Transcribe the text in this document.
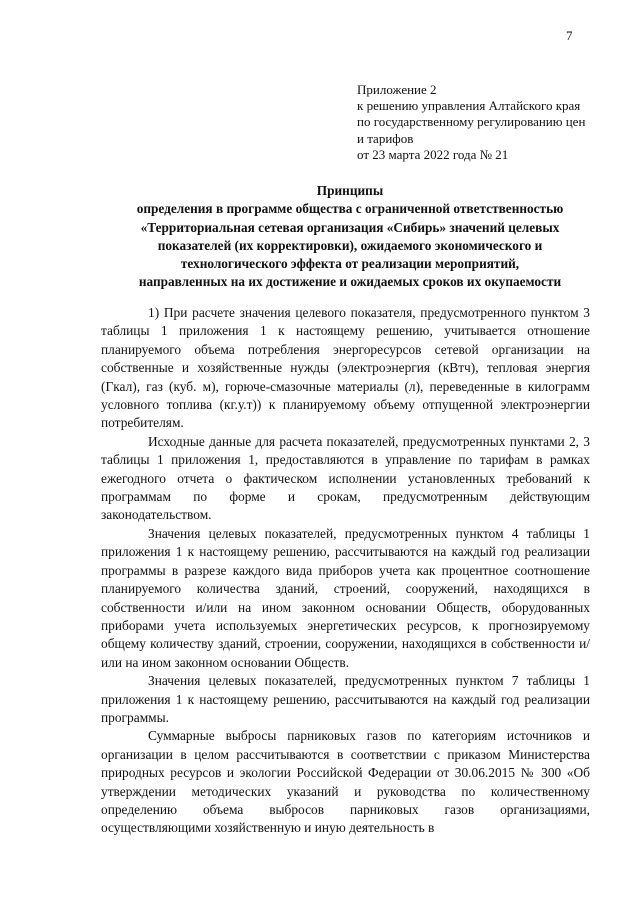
7
Приложение 2
к решению управления Алтайского края
по государственному регулированию цен
и тарифов
от 23 марта 2022 года № 21
Принципы
определения в программе общества с ограниченной ответственностью
«Территориальная сетевая организация «Сибирь» значений целевых
показателей (их корректировки), ожидаемого экономического и
технологического эффекта от реализации мероприятий,
направленных на их достижение и ожидаемых сроков их окупаемости

1) При расчете значения целевого показателя, предусмотренного пунктом 3 таблицы 1 приложения 1 к настоящему решению, учитывается отношение планируемого объема потребления энергоресурсов сетевой организации на собственные и хозяйственные нужды (электроэнергия (кВтч), тепловая энергия (Гкал), газ (куб. м), горюче-смазочные материалы (л), переведенные в килограмм условного топлива (кг.у.т)) к планируемому объему отпущенной электроэнергии потребителям.

Исходные данные для расчета показателей, предусмотренных пунктами 2, 3 таблицы 1 приложения 1, предоставляются в управление по тарифам в рамках ежегодного отчета о фактическом исполнении установленных требований к программам по форме и срокам, предусмотренным действующим законодательством.

Значения целевых показателей, предусмотренных пунктом 4 таблицы 1 приложения 1 к настоящему решению, рассчитываются на каждый год реализации программы в разрезе каждого вида приборов учета как процентное соотношение планируемого количества зданий, строений, сооружений, находящихся в собственности и/или на ином законном основании Обществ, оборудованных приборами учета используемых энергетических ресурсов, к прогнозируемому общему количеству зданий, строении, сооружении, находящихся в собственности и/или на ином законном основании Обществ.

Значения целевых показателей, предусмотренных пунктом 7 таблицы 1 приложения 1 к настоящему решению, рассчитываются на каждый год реализации программы.

Суммарные выбросы парниковых газов по категориям источников и организации в целом рассчитываются в соответствии с приказом Министерства природных ресурсов и экологии Российской Федерации от 30.06.2015 № 300 «Об утверждении методических указаний и руководства по количественному определению объема выбросов парниковых газов организациями, осуществляющими хозяйственную и иную деятельность в
